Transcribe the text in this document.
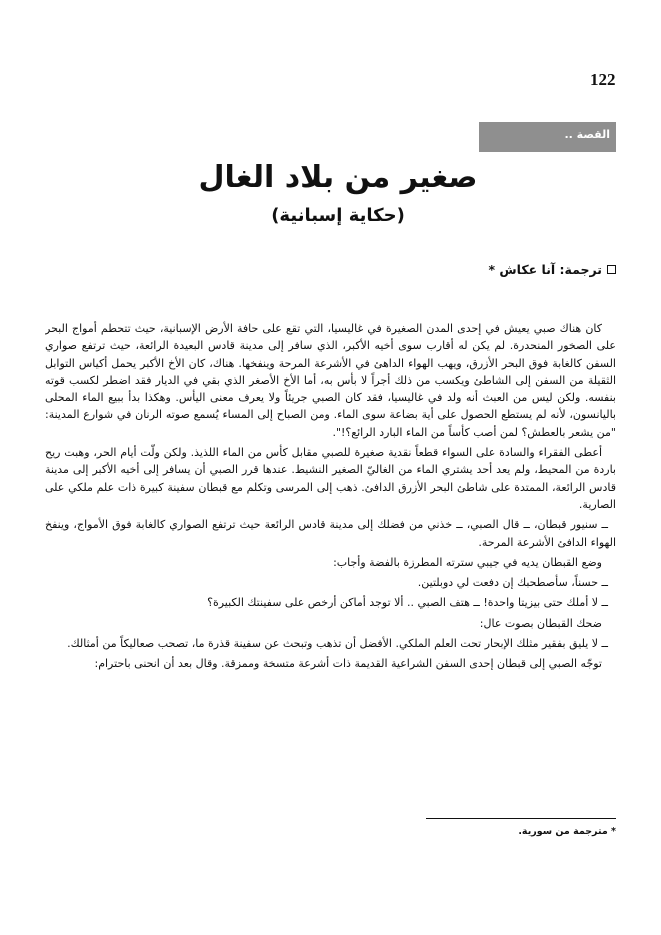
122
القصة ..
صغير من بلاد الغال
(حكاية إسبانية)
ترجمة: آنا عكاش *

كان هناك صبي يعيش في إحدى المدن الصغيرة في غاليسيا، التي تقع على حافة الأرض الإسبانية، حيث تتحطم أمواج البحر على الصخور المنحدرة. لم يكن له أقارب سوى أخيه الأكبر، الذي سافر إلى مدينة قادس البعيدة الرائعة، حيث ترتفع صواري السفن كالغابة فوق البحر الأزرق، ويهب الهواء الداهئ في الأشرعة المرحة وينفخها. هناك، كان الأخ الأكبر يحمل أكياس التوابل الثقيلة من السفن إلى الشاطئ ويكسب من ذلك أجراً لا بأس به، أما الأخ الأصغر الذي بقي في الديار فقد اضطر لكسب قوته بنفسه. ولكن ليس من العبث أنه ولد في غاليسيا، فقد كان الصبي جريئاً ولا يعرف معنى اليأس. وهكذا بدأ ببيع الماء المحلى باليانسون، لأنه لم يستطع الحصول على أية بضاعة سوى الماء. ومن الصباح إلى المساء يُسمع صوته الرنان في شوارع المدينة: "من يشعر بالعطش؟ لمن أصب كأساً من الماء البارد الرائع؟!".

أعطى الفقراء والسادة على السواء قطعاً نقدية صغيرة للصبي مقابل كأس من الماء اللذيذ. ولكن ولّت أيام الحر، وهبت ريح باردة من المحيط، ولم يعد أحد يشتري الماء من الغاليّ الصغير النشيط. عندها قرر الصبي أن يسافر إلى أخيه الأكبر إلى مدينة قادس الرائعة، الممتدة على شاطئ البحر الأزرق الدافئ. ذهب إلى المرسى وتكلم مع قبطان سفينة كبيرة ذات علم ملكي على الصارية.

ــ سنيور قبطان، ــ قال الصبي، ــ خذني من فضلك إلى مدينة قادس الرائعة حيث ترتفع الصواري كالغابة فوق الأمواج، وينفخ الهواء الدافئ الأشرعة المرحة.

وضع القبطان يديه في جيبي سترته المطرزة بالفضة وأجاب:

ــ حسناً، سأصطحبك إن دفعت لي دوبلتين.

ــ لا أملك حتى بيزيتا واحدة! ــ هتف الصبي .. ألا توجد أماكن أرخص على سفينتك الكبيرة؟

ضحك القبطان بصوت عال:

ــ لا يليق بفقير مثلك الإبحار تحت العلم الملكي. الأفضل أن تذهب وتبحث عن سفينة قذرة ما، تصحب صعاليكاً من أمثالك.

توجّه الصبي إلى قبطان إحدى السفن الشراعية القديمة ذات أشرعة متسخة وممزقة. وقال بعد أن انحنى باحترام:

* مترجمة من سورية.
